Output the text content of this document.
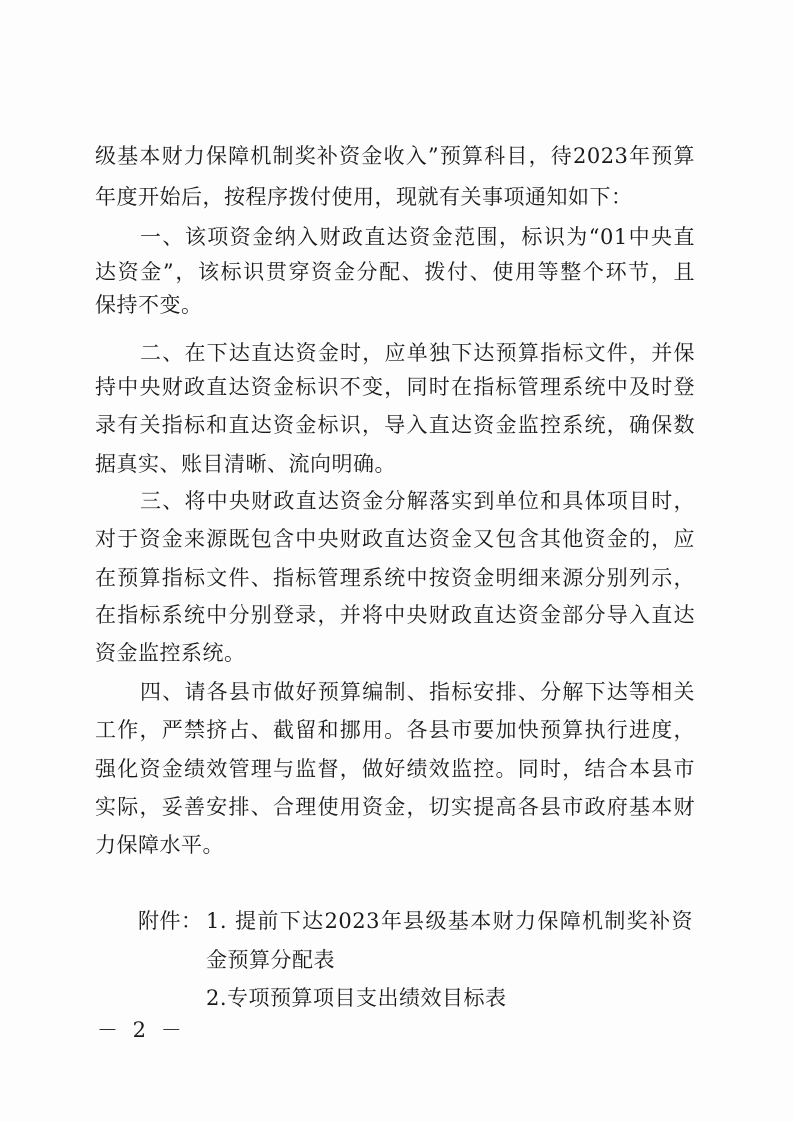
级基本财力保障机制奖补资金收入”预算科目，待2023年预算
年度开始后，按程序拨付使用，现就有关事项通知如下：
一、该项资金纳入财政直达资金范围，标识为“01中央直
达资金”，该标识贯穿资金分配、拨付、使用等整个环节，且
保持不变。
二、在下达直达资金时，应单独下达预算指标文件，并保
持中央财政直达资金标识不变，同时在指标管理系统中及时登
录有关指标和直达资金标识，导入直达资金监控系统，确保数
据真实、账目清晰、流向明确。
三、将中央财政直达资金分解落实到单位和具体项目时，
对于资金来源既包含中央财政直达资金又包含其他资金的，应
在预算指标文件、指标管理系统中按资金明细来源分别列示，
在指标系统中分别登录，并将中央财政直达资金部分导入直达
资金监控系统。
四、请各县市做好预算编制、指标安排、分解下达等相关
工作，严禁挤占、截留和挪用。各县市要加快预算执行进度，
强化资金绩效管理与监督，做好绩效监控。同时，结合本县市
实际，妥善安排、合理使用资金，切实提高各县市政府基本财
力保障水平。
附件： 1. 提前下达2023年县级基本财力保障机制奖补资
金预算分配表
2.专项预算项目支出绩效目标表
－ 2 －
